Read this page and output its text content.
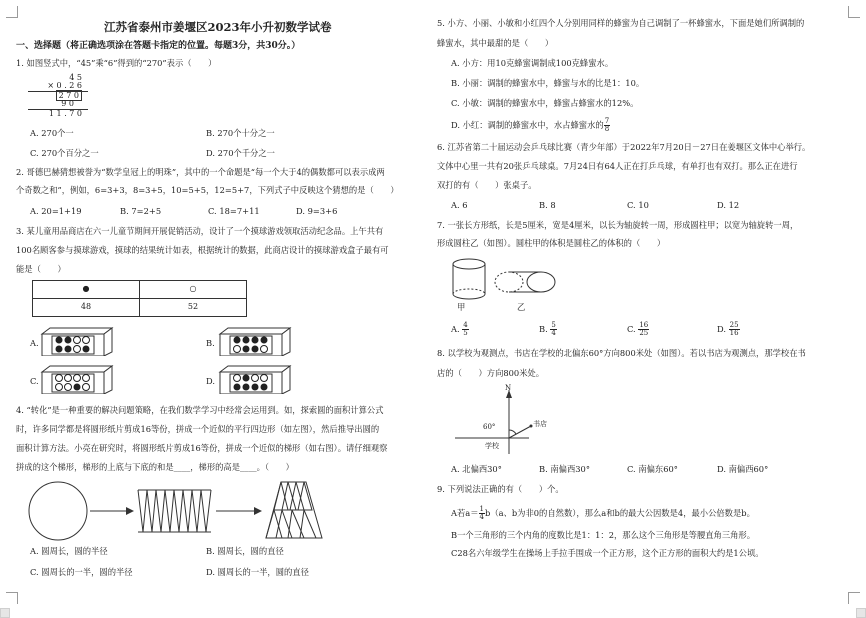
江苏省泰州市姜堰区2023年小升初数学试卷
一、选择题（将正确选项涂在答题卡指定的位置。每题3分，共30分。）
1. 如图竖式中，“45”乘“6”得到的“270”表示（　　）
4 5
× 0 . 2 6
2 7 0
9 0
1 1 . 7 0
A. 270个一	B. 270个十分之一
C. 270个百分之一	D. 270个千分之一
2. 哥德巴赫猜想被誉为“数学皇冠上的明珠”，其中的一个命题是“每一个大于4的偶数都可以表示成两
个奇数之和”，例如，6=3+3，8=3+5，10=5+5，12=5+7，下列式子中反映这个猜想的是（　　）
A. 20=1+19	B. 7=2+5	C. 18=7+11	D. 9=3+6
3. 某儿童用品商店在六一儿童节期间开展促销活动，设计了一个摸球游戏领取活动纪念品。上午共有
100名顾客参与摸球游戏，摸球的结果统计如表，根据统计的数据，此商店设计的摸球游戏盒子最有可
能是（　　）
●	○
48	52
A.	B.
C.	D.
4. “转化”是一种重要的解决问题策略，在我们数学学习中经常会运用到。如，探索圆的面积计算公式
时，许多同学都是将圆形纸片剪成16等份，拼成一个近似的平行四边形（如左图），然后推导出圆的
面积计算方法。小亮在研究时，将圆形纸片剪成16等份，拼成一个近似的梯形（如右图）。请仔细观察
拼成的这个梯形，梯形的上底与下底的和是____，梯形的高是____。（　　）
A. 圆周长，圆的半径	B. 圆周长，圆的直径
C. 圆周长的一半，圆的半径	D. 圆周长的一半，圆的直径
5. 小方、小丽、小敏和小红四个人分别用同样的蜂蜜为自己调制了一杯蜂蜜水，下面是她们所调制的
蜂蜜水，其中最甜的是（　　）
A. 小方：用10克蜂蜜调制成100克蜂蜜水。
B. 小丽：调制的蜂蜜水中，蜂蜜与水的比是1：10。
C. 小敏：调制的蜂蜜水中，蜂蜜占蜂蜜水的12%。
D. 小红：调制的蜂蜜水中，水占蜂蜜水的 $\frac{7}{8}$
6. 江苏省第二十届运动会乒乓球比赛（青少年部）于2022年7月20日－27日在姜堰区文体中心举行。
文体中心里一共有20张乒乓球桌。7月24日有64人正在打乒乓球，有单打也有双打。那么正在进行
双打的有（　　）张桌子。
A. 6	B. 8	C. 10	D. 12
7. 一张长方形纸，长是5厘米，宽是4厘米，以长为轴旋转一周，形成圆柱甲；以宽为轴旋转一周，
形成圆柱乙（如图）。圆柱甲的体积是圆柱乙的体积的（　　）
甲	乙
A. $\frac{4}{5}$	B. $\frac{5}{4}$	C. $\frac{16}{25}$	D. $\frac{25}{16}$
8. 以学校为观测点，书店在学校的北偏东60°方向800米处（如图）。若以书店为观测点，那学校在书
店的（　　）方向800米处。
N
60°	书店
学校
A. 北偏西30°	B. 南偏西30°	C. 南偏东60°	D. 南偏西60°
9. 下列说法正确的有（　　）个。
A若$a= \frac{1}{4} b(a$、b为非0的自然数），那么a和b的最大公因数是4，最小公倍数是b。
B一个三角形的三个内角的度数比是1：1：2，那么这个三角形是等腰直角三角形。
C28名六年级学生在操场上手拉手围成一个正方形，这个正方形的面积大约是1公顷。
